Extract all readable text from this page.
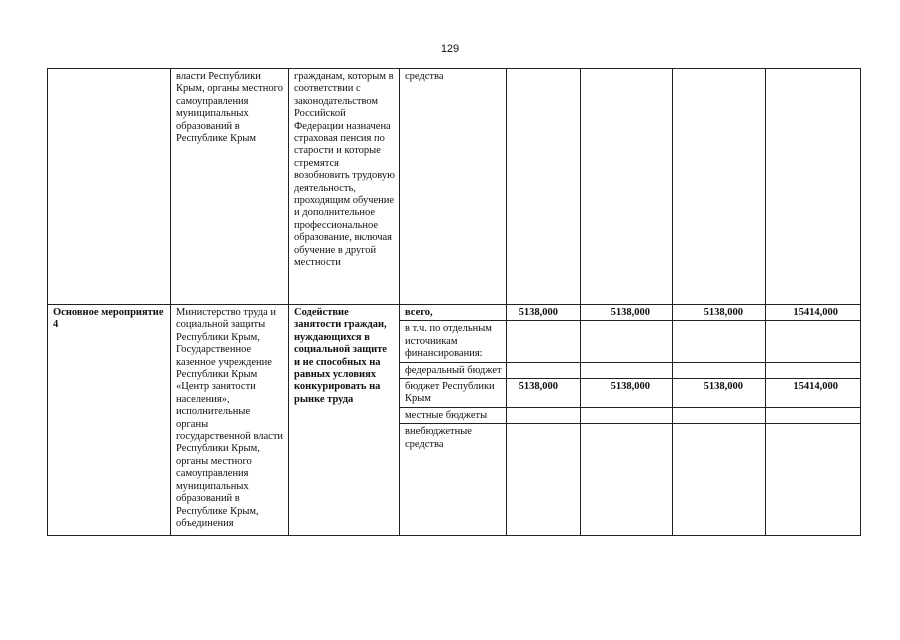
129
	власти Республики Крым, органы местного самоуправления муниципальных образований в Республике Крым	гражданам, которым в соответствии с законодательством Российской Федерации назначена страховая пенсия по старости и которые стремятся возобновить трудовую деятельность, проходящим обучение и дополнительное профессиональное образование, включая обучение в другой местности	средства				
Основное мероприятие 4	Министерство труда и социальной защиты Республики Крым, Государственное казенное учреждение Республики Крым «Центр занятости населения», исполнительные органы государственной власти Республики Крым, органы местного самоуправления муниципальных образований в Республике Крым, объединения	Содействие занятости граждан, нуждающихся в социальной защите и не способных на равных условиях конкурировать на рынке труда	всего,	5138,000	5138,000	5138,000	15414,000
			в т.ч. по отдельным источникам финансирования:				
			федеральный бюджет				
			бюджет Республики Крым	5138,000	5138,000	5138,000	15414,000
			местные бюджеты				
			внебюджетные средства				
